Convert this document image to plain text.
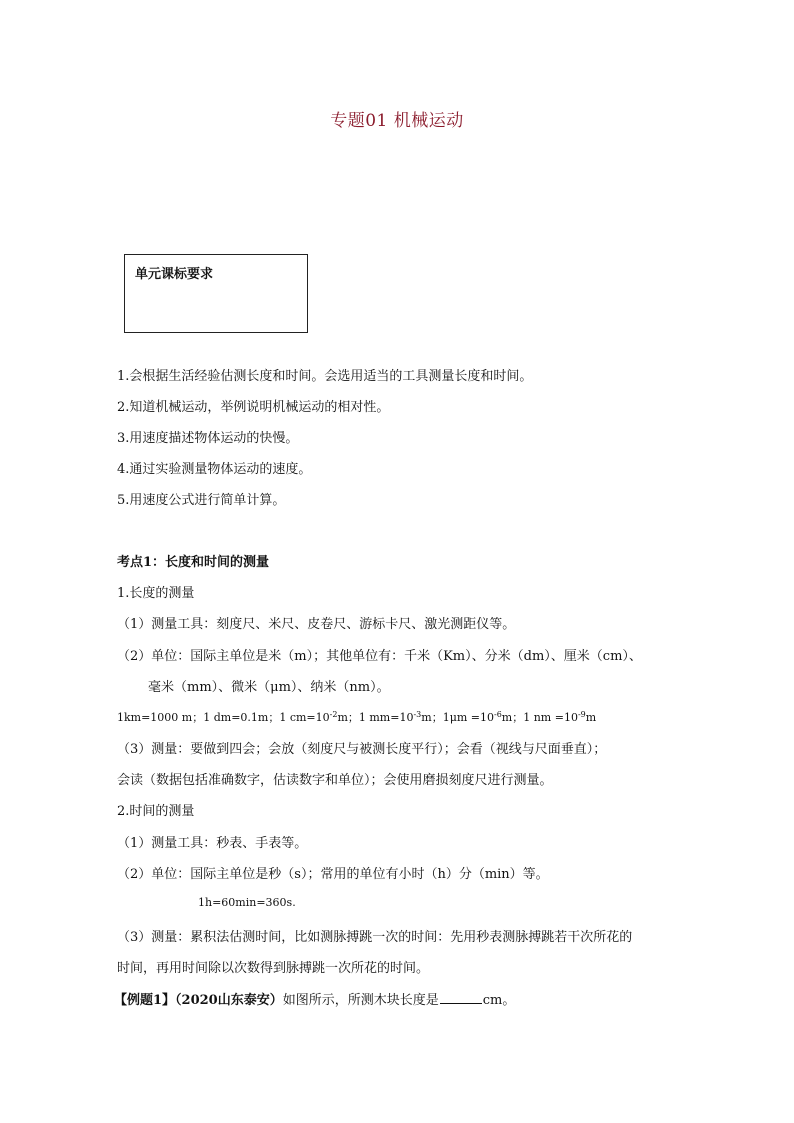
专题01 机械运动
单元课标要求
1.会根据生活经验估测长度和时间。会选用适当的工具测量长度和时间。
2.知道机械运动，举例说明机械运动的相对性。
3.用速度描述物体运动的快慢。
4.通过实验测量物体运动的速度。
5.用速度公式进行简单计算。
考点1：长度和时间的测量
1.长度的测量
（1）测量工具：刻度尺、米尺、皮卷尺、游标卡尺、激光测距仪等。
（2）单位：国际主单位是米（m）；其他单位有：千米（Km）、分米（dm）、厘米（cm）、
毫米（mm）、微米（μm）、纳米（nm）。
1km=1000 m；1 dm=0.1m；1 $cm=10^{-2}m$；1 $mm=10^{-3}m$；$1\mu m =10^{-6}m$；1 nm $=10^{-9}m$
（3）测量：要做到四会；会放（刻度尺与被测长度平行）；会看（视线与尺面垂直）；
会读（数据包括准确数字，估读数字和单位）；会使用磨损刻度尺进行测量。
2.时间的测量
（1）测量工具：秒表、手表等。
（2）单位：国际主单位是秒（s）；常用的单位有小时（h）分（min）等。
1h=60min=360s.
（3）测量：累积法估测时间，比如测脉搏跳一次的时间：先用秒表测脉搏跳若干次所花的
时间，再用时间除以次数得到脉搏跳一次所花的时间。
【例题1】（2020山东泰安）如图所示，所测木块长度是	cm。
